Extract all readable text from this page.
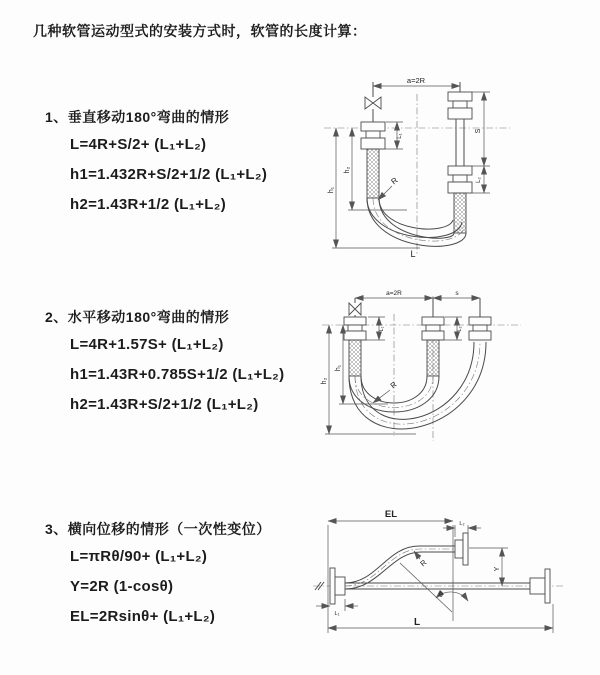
几种软管运动型式的安装方式时，软管的长度计算：
1、垂直移动180°弯曲的情形
L=4R+S/2+ (L₁+L₂)
h1=1.432R+S/2+1/2 (L₁+L₂)
h2=1.43R+1/2 (L₁+L₂)
a=2R
S
L₂
L₁
h₁
h₂
R
L
2、水平移动180°弯曲的情形
L=4R+1.57S+ (L₁+L₂)
h1=1.43R+0.785S+1/2 (L₁+L₂)
h2=1.43R+S/2+1/2 (L₁+L₂)
a=2R	s
L₁	L₂
h₂
h₁
R
3、横向位移的情形（一次性变位）
L=πRθ/90+ (L₁+L₂)
Y=2R (1-cosθ)
EL=2Rsinθ+ (L₁+L₂)
EL
L₂
Y
L
L₁
θ
R
